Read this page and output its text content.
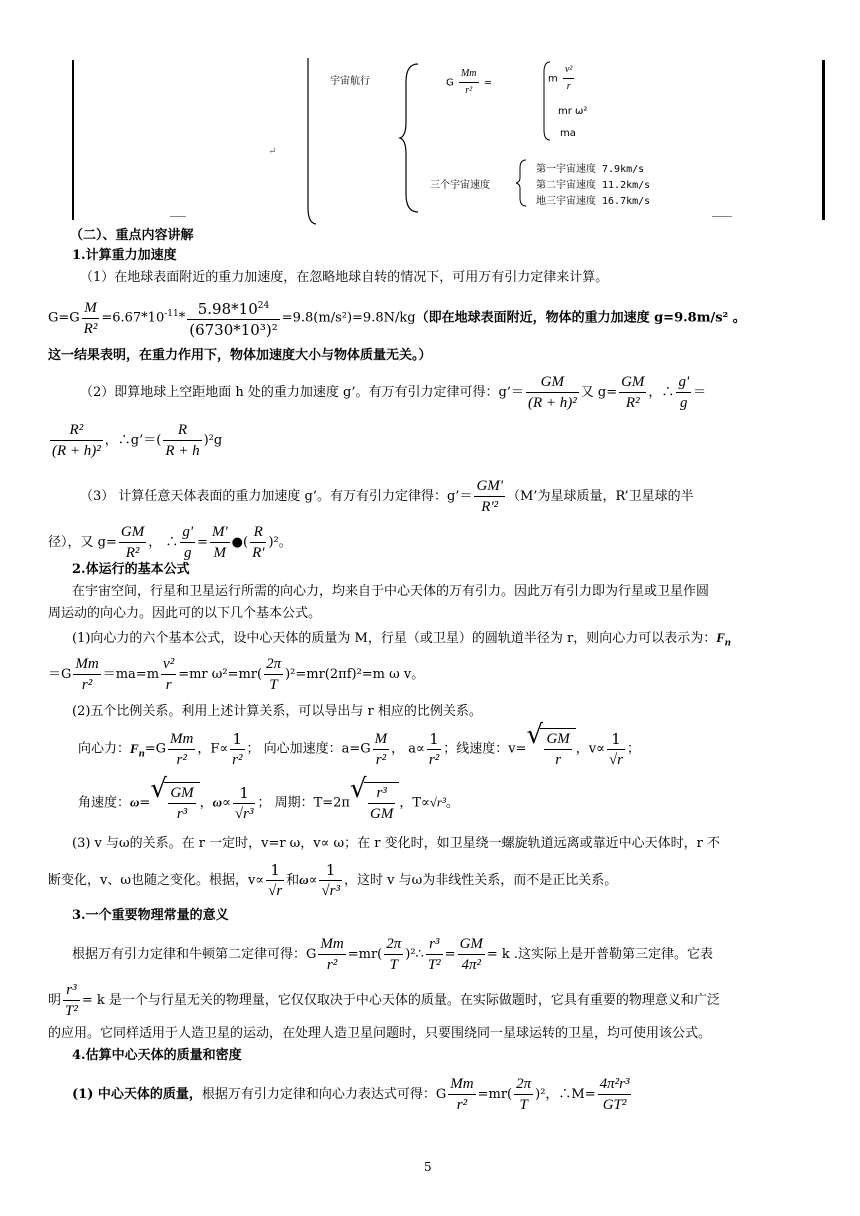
↵
宇宙航行	G $\frac{Mm}{\text{r²}}$ =	m $\frac{\text{v²}}{r}$
mr ω²
ma
三个宇宙速度
第一宇宙速度 7.9km/s
第二宇宙速度 11.2km/s
地三宇宙速度 16.7km/s
（二）、重点内容讲解
1.计算重力加速度
（1）在地球表面附近的重力加速度，在忽略地球自转的情况下，可用万有引力定律来计算。
$G=G \frac{M}{\text{R²}} =6.67*10^{-11}* \frac{5.98*10^{24}}{\text{(6730*10³)²}} =9.8(m/s^2)=9.8N/kg$（即在地球表面附近，物体的重力加速度 g=9.8m/s² 。
这一结果表明，在重力作用下，物体加速度大小与物体质量无关。）
（2）即算地球上空距地面 h 处的重力加速度 g’。有万有引力定律可得：g’＝ $\frac{GM}{\text{(R + h)²}}$ 又 $g= \frac{GM}{\text{R²}}$ ，∴ $\frac{g'}{g}$ ＝
$\frac{\text{R²}}{\text{(R + h)²}}$ ，∴g’＝( $\frac{R}{R + h} )^2g$
（3） 计算任意天体表面的重力加速度 g’。有万有引力定律得：g’＝ $\frac{GM'}{\text{R'²}} (M$’为星球质量，R’卫星球的半
径），又 $g= \frac{GM}{\text{R²}}$ ， ∴ $\frac{g'}{g} = \frac{M'}{M}$ ●( $\frac{R}{R'} )^2$。
2.体运行的基本公式
在宇宙空间，行星和卫星运行所需的向心力，均来自于中心天体的万有引力。因此万有引力即为行星或卫星作圆
周运动的向心力。因此可的以下几个基本公式。
(1)向心力的六个基本公式，设中心天体的质量为 M，行星（或卫星）的圆轨道半径为 r，则向心力可以表示为：$F_n$
$=G \frac{Mm}{\text{r²}} =ma=m \frac{\text{v²}}{r} =mr$ $\omega^2=mr( \frac{2\pi}{T} )^2=mr(2\pi f)^2=m$ ω v。
(2)五个比例关系。利用上述计算关系，可以导出与 r 相应的比例关系。
向心力：$F_n=G \frac{Mm}{\text{r²}}$ ，$F\propto \frac{1}{\text{r²}}$ ； 向心加速度：$a=G \frac{M}{\text{r²}}$ ， $a\propto \frac{1}{\text{r²}}$ ；线速度：v= √ $\frac{GM}{r}$ ，$v\propto \frac{1}{√r}$ ；
角速度：ω= √ $\frac{GM}{\text{r³}}$ ，$\omega\propto \frac{1}{\text{√r³}}$ ； 周期：T=2π √ $\frac{\text{r³}}{GM}$ ，T∝√r³。
(3) v 与ω的关系。在 r 一定时，v=r ω，v∝ ω；在 r 变化时，如卫星绕一螺旋轨道远离或靠近中心天体时，r 不
断变化，v、ω也随之变化。根据，$v\propto \frac{1}{√r}$ 和$\omega\propto \frac{1}{\text{√r³}}$ ，这时 v 与ω为非线性关系，而不是正比关系。
3.一个重要物理常量的意义
根据万有引力定律和牛顿第二定律可得：G $\frac{Mm}{\text{r²}} =mr( \frac{2\pi}{T}$ )²∴ $\frac{\text{r³}}{\text{T²}} = \frac{GM}{\text{4π²}} = k$ .这实际上是开普勒第三定律。它表
明 $\frac{\text{r³}}{\text{T²}} = k$ 是一个与行星无关的物理量，它仅仅取决于中心天体的质量。在实际做题时，它具有重要的物理意义和广泛
的应用。它同样适用于人造卫星的运动，在处理人造卫星问题时，只要围绕同一星球运转的卫星，均可使用该公式。
4.估算中心天体的质量和密度
(1) 中心天体的质量，根据万有引力定律和向心力表达式可得：G $\frac{Mm}{\text{r²}} =mr( \frac{2\pi}{T} )^2$，∴M= $\frac{\text{4π²r³}}{\text{GT²}}$
5
